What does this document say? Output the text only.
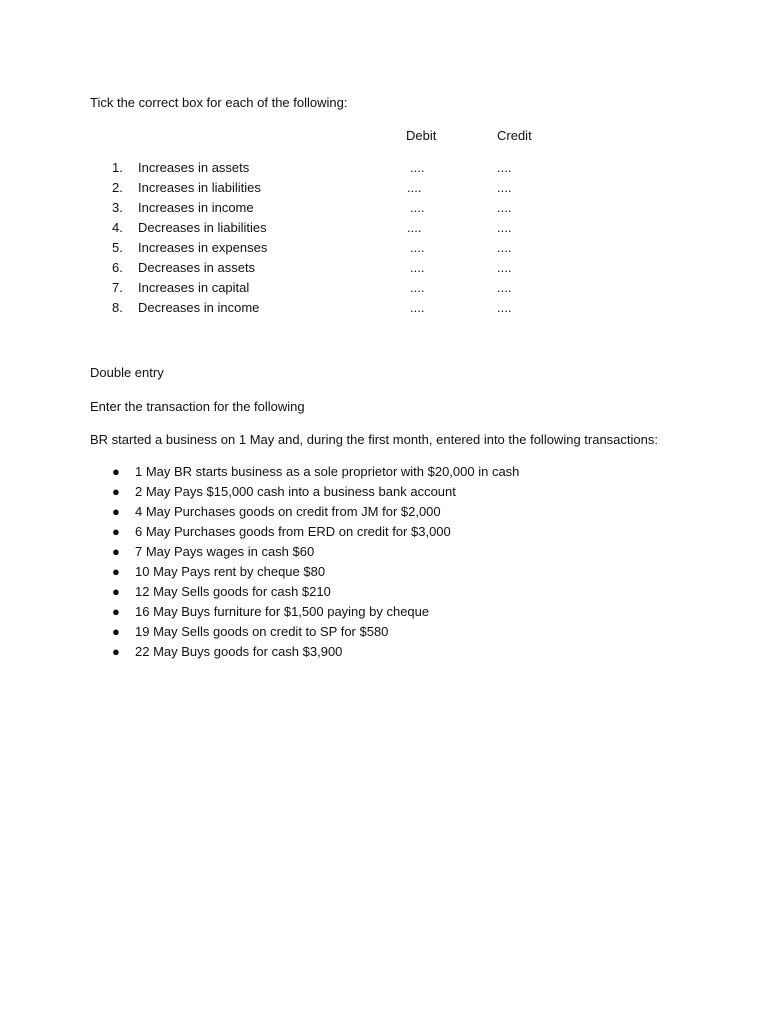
Tick the correct box for each of the following:
Debit	Credit
1. Increases in assets	....	....
2. Increases in liabilities	....	....
3. Increases in income	....	....
4. Decreases in liabilities	....	....
5. Increases in expenses	....	....
6. Decreases in assets	....	....
7. Increases in capital	....	....
8. Decreases in income	....	....
Double entry
Enter the transaction for the following
BR started a business on 1 May and, during the first month, entered into the following transactions:
● 1 May BR starts business as a sole proprietor with $20,000 in cash
● 2 May Pays $15,000 cash into a business bank account
● 4 May Purchases goods on credit from JM for $2,000
● 6 May Purchases goods from ERD on credit for $3,000
● 7 May Pays wages in cash $60
● 10 May Pays rent by cheque $80
● 12 May Sells goods for cash $210
● 16 May Buys furniture for $1,500 paying by cheque
● 19 May Sells goods on credit to SP for $580
● 22 May Buys goods for cash $3,900
